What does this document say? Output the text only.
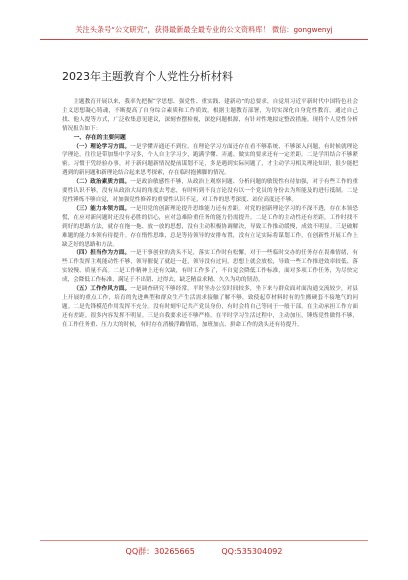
关注头条号“公文研究”，获得最新最全最专业的公文资料库！ 微信：gongwenyj
2023年主题教育个人党性分析材料

主题教育开展以来，我率先把握“学思想、强党性、重实践、建新功”的总要求，自觉用习近平新时代中国特色社会主义思想凝心铸魂，不断提高了自身综合素质和工作质效。根据主题教育部署，为切实深化自身党性教育，通过自己找、他人提等方式，广泛收集意见建议，深刻查摆检视，深挖问题根源，有针对性地拟定整改措施。现将个人党性分析情况报告如下：

一、存在的主要问题

（一）理论学习方面。一是学懂弄通还不到位。在理论学习方面还存在看不够系统、不够深入问题，有时候就理论学理论，往往是带加集中学习多，个人自主学习少，跑满学懂、弄通、做实的要求还有一定差距。二是学用结合不够紧密。习惯于凭经验办事，对于新问题新情况提前谋划不足，多是遇到实际问题了，才主动学习相关理论知识，很少能把遇到的新问题和新理论结合起来思考探索，存在临时抱佛脚的情况。

（二）政治素质方面。一是政治敏感性不够，从政治上观察问题、分析问题的敏锐性有待加强，对于有些工作的重要性认识不够，没有从政治大局的角度去考虑，有时听到不良言论没有以一个党员的身份去为所能及的进行抵制。二是党性锤炼不够自觉，对加强党性修养的重要性认识不足，对工作的思考深度、站位高度还不够。

（三）能力本领方面。一是用党的创新理论提升思维能力还有差距。对党的创新理论学习的不深不透，存在本领恐慌，在应对新问题时还没有必胜的信心，应对急难险重任务的能力仍需提升。二是工作的主动性还有差距。工作时找不到好的思路方法，就存在拖一拖、放一放的思想，没有主动积极协调解决，导致工作推动缓慢，成效不明显。三是破解难题的能力本领有待提升。存在惰性思维，总是等待领导的安排布置，没有立足实际将谋划工作，在创新性开展工作上缺乏好的思路和方法。

（四）担当作为方面。一是干事创业的劲头不足，落实工作时有松懈，对于一些临时交办的任务存在畏难情绪，有些工作发挥主观能动性不够，领导催促了就赶一赶，领导没有过问，思想上就会放松，导致一些工作推进效率较低、落实较慢、质量不高。二是工作精神上还有欠缺，有时工作多了，不自觉会降低工作标准，面对多项工作任务，为尽快完成，会降低工作标准，满足于不出错、过得去，缺乏精益求精、久久为功的韧劲。

（五）工作作风方面。一是调查研究不够经常，平时坐办公室时间较多，坐下来与群众面对面沟通交流较少，对县上开展的重点工作，培育的先进典型和群众生产生活需求接触了解不够，致使起草材料时有的生搬硬套不接地气的问题。二是先锋模范作用发挥不充分。没有时刻牢记共产党员身份，有时会将自己等同于一般干部，在主动承担工作方面还有差距。很多内容发挥不明显。三是自我要求还不够严格。在平时学习生活过程中，主动加压，锤炼党性做得不够，在工作任务重、压力大的时候，有时存在消极浮躁情绪，加班加点、拼命工作的劲头还有待提升。

QQ群：30265665	QQ:535304092
